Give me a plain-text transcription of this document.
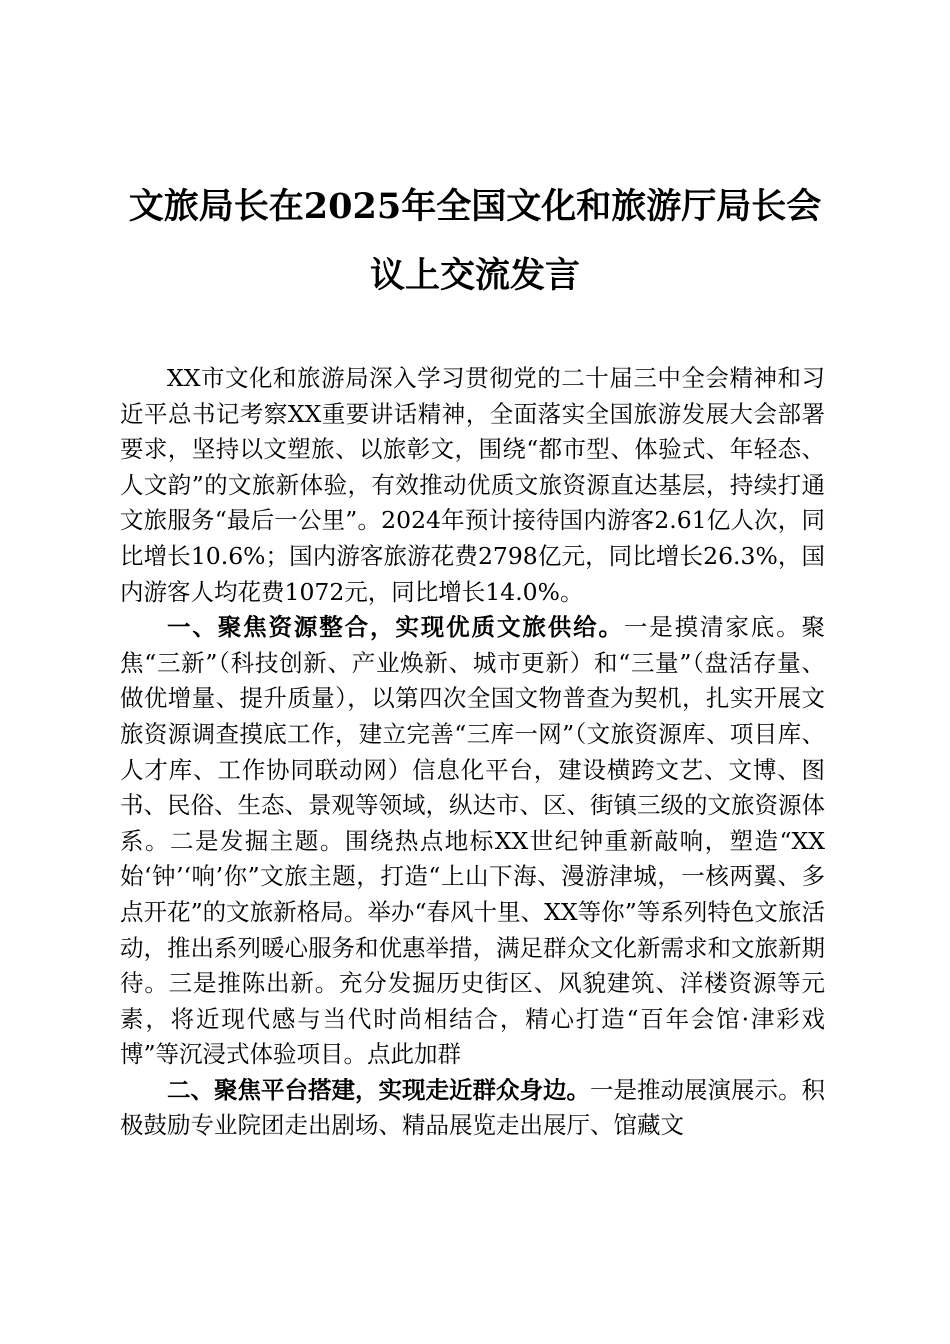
文旅局长在2025年全国文化和旅游厅局长会
议上交流发言

XX市文化和旅游局深入学习贯彻党的二十届三中全会精神和习近平总书记考察XX重要讲话精神，全面落实全国旅游发展大会部署要求，坚持以文塑旅、以旅彰文，围绕“都市型、体验式、年轻态、人文韵”的文旅新体验，有效推动优质文旅资源直达基层，持续打通文旅服务“最后一公里”。2024年预计接待国内游客2.61亿人次，同比增长10.6%；国内游客旅游花费2798亿元，同比增长26.3%，国内游客人均花费1072元，同比增长14.0%。

一、聚焦资源整合，实现优质文旅供给。一是摸清家底。聚焦“三新”（科技创新、产业焕新、城市更新）和“三量”（盘活存量、做优增量、提升质量），以第四次全国文物普查为契机，扎实开展文旅资源调查摸底工作，建立完善“三库一网”（文旅资源库、项目库、人才库、工作协同联动网）信息化平台，建设横跨文艺、文博、图书、民俗、生态、景观等领域，纵达市、区、街镇三级的文旅资源体系。二是发掘主题。围绕热点地标XX世纪钟重新敲响，塑造“XX始‘钟’‘响’你”文旅主题，打造“上山下海、漫游津城，一核两翼、多点开花”的文旅新格局。举办“春风十里、XX等你”等系列特色文旅活动，推出系列暖心服务和优惠举措，满足群众文化新需求和文旅新期待。三是推陈出新。充分发掘历史街区、风貌建筑、洋楼资源等元素，将近现代感与当代时尚相结合，精心打造“百年会馆·津彩戏博”等沉浸式体验项目。点此加群

二、聚焦平台搭建，实现走近群众身边。一是推动展演展示。积极鼓励专业院团走出剧场、精品展览走出展厅、馆藏文
